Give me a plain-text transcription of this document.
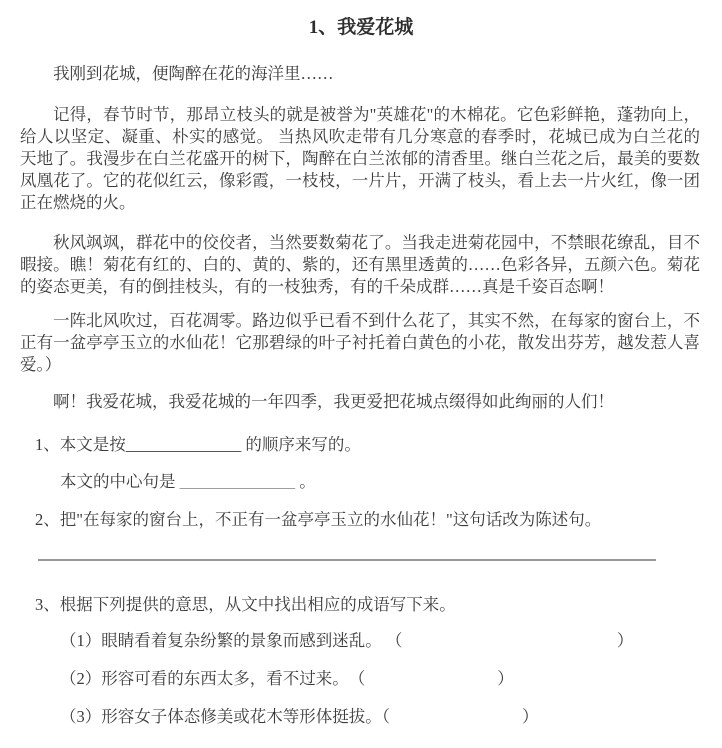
1、我爱花城

我刚到花城，便陶醉在花的海洋里……

记得，春节时节，那昂立枝头的就是被誉为"英雄花"的木棉花。它色彩鲜艳，蓬勃向上，给人以坚定、凝重、朴实的感觉。 当热风吹走带有几分寒意的春季时，花城已成为白兰花的天地了。我漫步在白兰花盛开的树下，陶醉在白兰浓郁的清香里。继白兰花之后，最美的要数凤凰花了。它的花似红云，像彩霞，一枝枝，一片片，开满了枝头，看上去一片火红，像一团正在燃烧的火。

秋风飒飒，群花中的佼佼者，当然要数菊花了。当我走进菊花园中，不禁眼花缭乱，目不暇接。瞧！菊花有红的、白的、黄的、紫的，还有黑里透黄的……色彩各异，五颜六色。菊花的姿态更美，有的倒挂枝头，有的一枝独秀，有的千朵成群……真是千姿百态啊！

一阵北风吹过，百花凋零。路边似乎已看不到什么花了，其实不然，在每家的窗台上，不正有一盆亭亭玉立的水仙花！它那碧绿的叶子衬托着白黄色的小花，散发出芬芳，越发惹人喜爱。）

啊！我爱花城，我爱花城的一年四季，我更爱把花城点缀得如此绚丽的人们！

1、本文是按______________ 的顺序来写的。
本文的中心句是 ______________ 。
2、把"在每家的窗台上，不正有一盆亭亭玉立的水仙花！"这句话改为陈述句。
3、根据下列提供的意思，从文中找出相应的成语写下来。
（1）眼睛看着复杂纷繁的景象而感到迷乱。 （　　　　　　　　　　　　　）
（2）形容可看的东西太多，看不过来。　（　　　　　　　　）
（3）形容女子体态修美或花木等形体挺拔。（　　　　　　　　）
